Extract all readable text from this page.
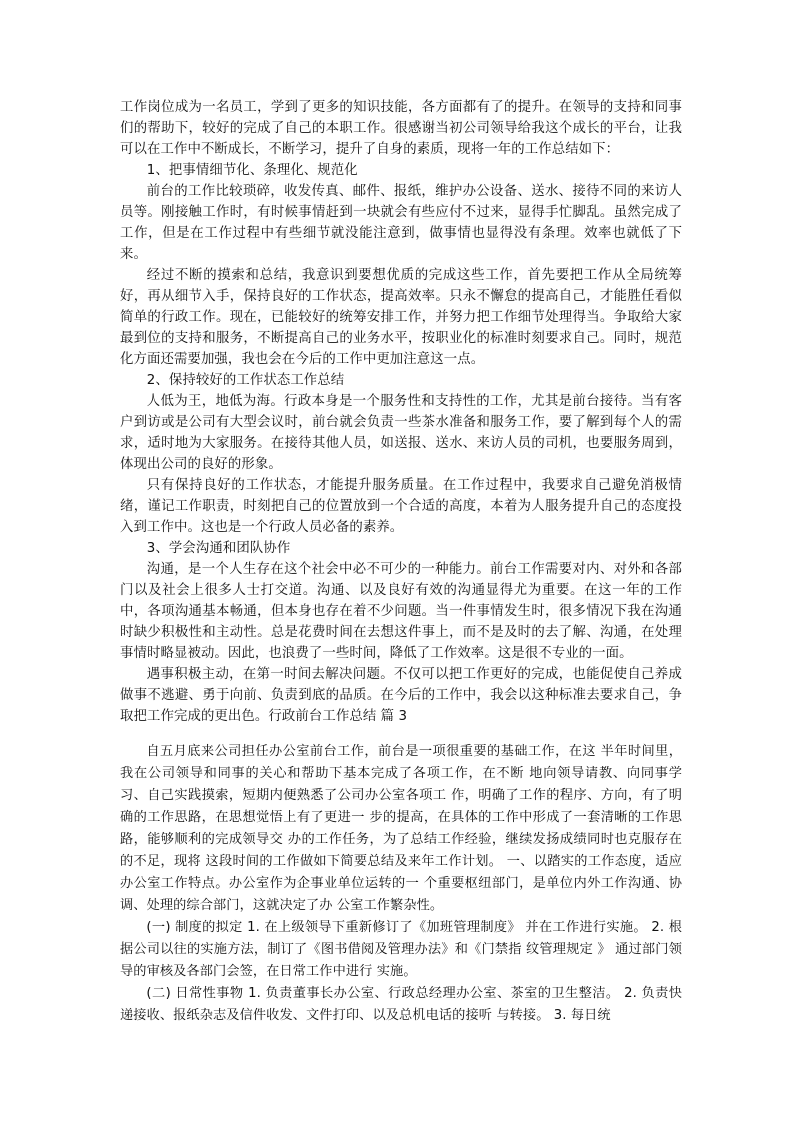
工作岗位成为一名员工，学到了更多的知识技能，各方面都有了的提升。在领导的支持和同事们的帮助下，较好的完成了自己的本职工作。很感谢当初公司领导给我这个成长的平台，让我可以在工作中不断成长，不断学习，提升了自身的素质，现将一年的工作总结如下：

1、把事情细节化、条理化、规范化

前台的工作比较琐碎，收发传真、邮件、报纸，维护办公设备、送水、接待不同的来访人员等。刚接触工作时，有时候事情赶到一块就会有些应付不过来，显得手忙脚乱。虽然完成了工作，但是在工作过程中有些细节就没能注意到，做事情也显得没有条理。效率也就低了下来。

经过不断的摸索和总结，我意识到要想优质的完成这些工作，首先要把工作从全局统筹好，再从细节入手，保持良好的工作状态，提高效率。只永不懈怠的提高自己，才能胜任看似简单的行政工作。现在，已能较好的统筹安排工作，并努力把工作细节处理得当。争取给大家最到位的支持和服务，不断提高自己的业务水平，按职业化的标准时刻要求自己。同时，规范化方面还需要加强，我也会在今后的工作中更加注意这一点。

2、保持较好的工作状态工作总结

人低为王，地低为海。行政本身是一个服务性和支持性的工作，尤其是前台接待。当有客户到访或是公司有大型会议时，前台就会负责一些茶水准备和服务工作，要了解到每个人的需求，适时地为大家服务。在接待其他人员，如送报、送水、来访人员的司机，也要服务周到，体现出公司的良好的形象。

只有保持良好的工作状态，才能提升服务质量。在工作过程中，我要求自己避免消极情绪，谨记工作职责，时刻把自己的位置放到一个合适的高度，本着为人服务提升自己的态度投入到工作中。这也是一个行政人员必备的素养。

3、学会沟通和团队协作

沟通，是一个人生存在这个社会中必不可少的一种能力。前台工作需要对内、对外和各部门以及社会上很多人士打交道。沟通、以及良好有效的沟通显得尤为重要。在这一年的工作中，各项沟通基本畅通，但本身也存在着不少问题。当一件事情发生时，很多情况下我在沟通时缺少积极性和主动性。总是花费时间在去想这件事上，而不是及时的去了解、沟通，在处理事情时略显被动。因此，也浪费了一些时间，降低了工作效率。这是很不专业的一面。

遇事积极主动，在第一时间去解决问题。不仅可以把工作更好的完成，也能促使自己养成做事不逃避、勇于向前、负责到底的品质。在今后的工作中，我会以这种标准去要求自己，争取把工作完成的更出色。行政前台工作总结 篇 3

自五月底来公司担任办公室前台工作，前台是一项很重要的基础工作，在这 半年时间里，我在公司领导和同事的关心和帮助下基本完成了各项工作，在不断 地向领导请教、向同事学习、自己实践摸索，短期内便熟悉了公司办公室各项工 作，明确了工作的程序、方向，有了明确的工作思路，在思想觉悟上有了更进一 步的提高，在具体的工作中形成了一套清晰的工作思路，能够顺利的完成领导交 办的工作任务，为了总结工作经验，继续发扬成绩同时也克服存在的不足，现将 这段时间的工作做如下简要总结及来年工作计划。 一、以踏实的工作态度，适应办公室工作特点。办公室作为企事业单位运转的一 个重要枢纽部门，是单位内外工作沟通、协调、处理的综合部门，这就决定了办 公室工作繁杂性。

(一) 制度的拟定 1. 在上级领导下重新修订了《加班管理制度》 并在工作进行实施。 2. 根据公司以往的实施方法，制订了《图书借阅及管理办法》和《门禁指 纹管理规定 》 通过部门领导的审核及各部门会签，在日常工作中进行 实施。

(二) 日常性事物 1. 负责董事长办公室、行政总经理办公室、茶室的卫生整洁。 2. 负责快递接收、报纸杂志及信件收发、文件打印、以及总机电话的接听 与转接。 3. 每日统
